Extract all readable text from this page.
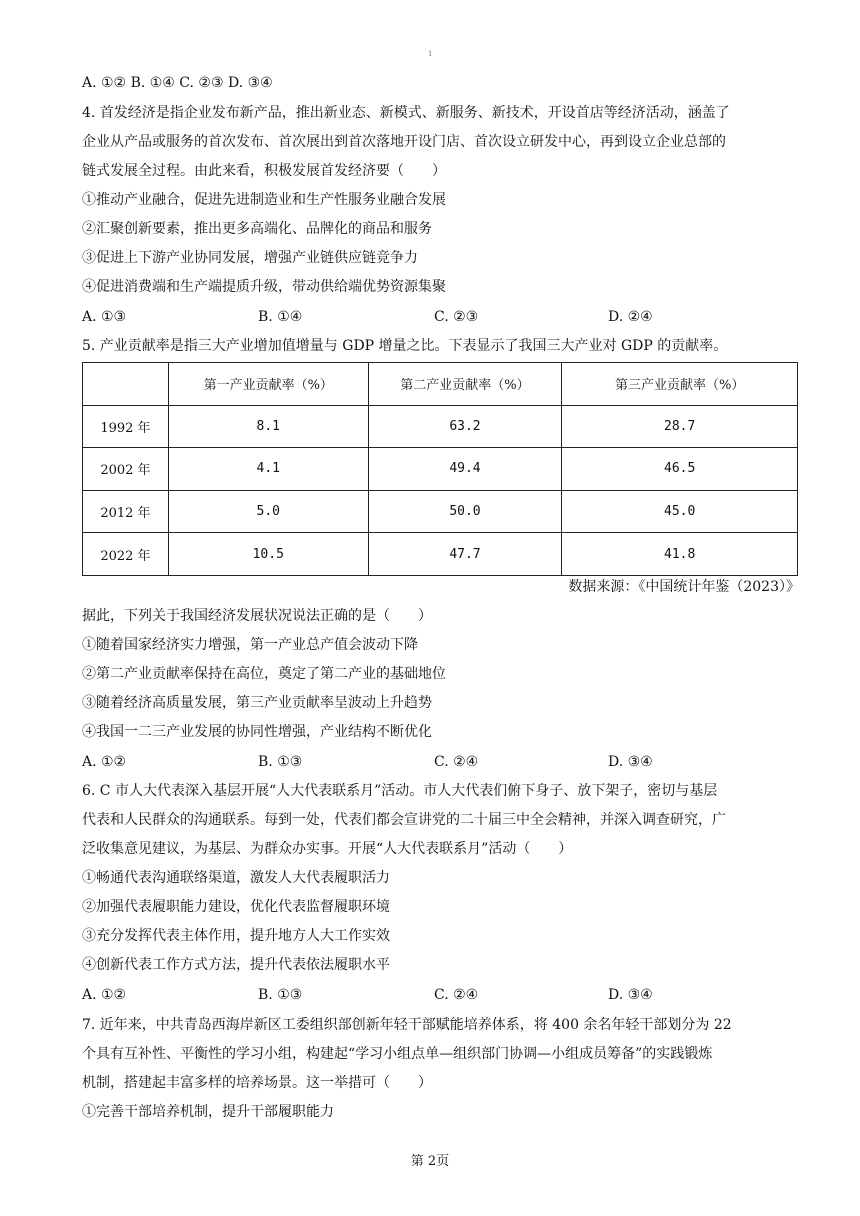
1
A. ①② B. ①④ C. ②③ D. ③④
4. 首发经济是指企业发布新产品，推出新业态、新模式、新服务、新技术，开设首店等经济活动，涵盖了
企业从产品或服务的首次发布、首次展出到首次落地开设门店、首次设立研发中心，再到设立企业总部的
链式发展全过程。由此来看，积极发展首发经济要（　　）
①推动产业融合，促进先进制造业和生产性服务业融合发展
②汇聚创新要素，推出更多高端化、品牌化的商品和服务
③促进上下游产业协同发展，增强产业链供应链竞争力
④促进消费端和生产端提质升级，带动供给端优势资源集聚
A. ①③	B. ①④	C. ②③	D. ②④
5. 产业贡献率是指三大产业增加值增量与 GDP 增量之比。下表显示了我国三大产业对 GDP 的贡献率。
	第一产业贡献率（%）	第二产业贡献率（%）	第三产业贡献率（%）
1992 年	8.1	63.2	28.7
2002 年	4.1	49.4	46.5
2012 年	5.0	50.0	45.0
2022 年	10.5	47.7	41.8
数据来源：《中国统计年鉴（2023）》
据此，下列关于我国经济发展状况说法正确的是（　　）
①随着国家经济实力增强，第一产业总产值会波动下降
②第二产业贡献率保持在高位，奠定了第二产业的基础地位
③随着经济高质量发展，第三产业贡献率呈波动上升趋势
④我国一二三产业发展的协同性增强，产业结构不断优化
A. ①②	B. ①③	C. ②④	D. ③④
6. C 市人大代表深入基层开展“人大代表联系月”活动。市人大代表们俯下身子、放下架子，密切与基层
代表和人民群众的沟通联系。每到一处，代表们都会宣讲党的二十届三中全会精神，并深入调查研究，广
泛收集意见建议，为基层、为群众办实事。开展“人大代表联系月”活动（　　）
①畅通代表沟通联络渠道，激发人大代表履职活力
②加强代表履职能力建设，优化代表监督履职环境
③充分发挥代表主体作用，提升地方人大工作实效
④创新代表工作方式方法，提升代表依法履职水平
A. ①②	B. ①③	C. ②④	D. ③④
7. 近年来，中共青岛西海岸新区工委组织部创新年轻干部赋能培养体系，将 400 余名年轻干部划分为 22
个具有互补性、平衡性的学习小组，构建起“学习小组点单—组织部门协调—小组成员筹备”的实践锻炼
机制，搭建起丰富多样的培养场景。这一举措可（　　）
①完善干部培养机制，提升干部履职能力
第 2页
